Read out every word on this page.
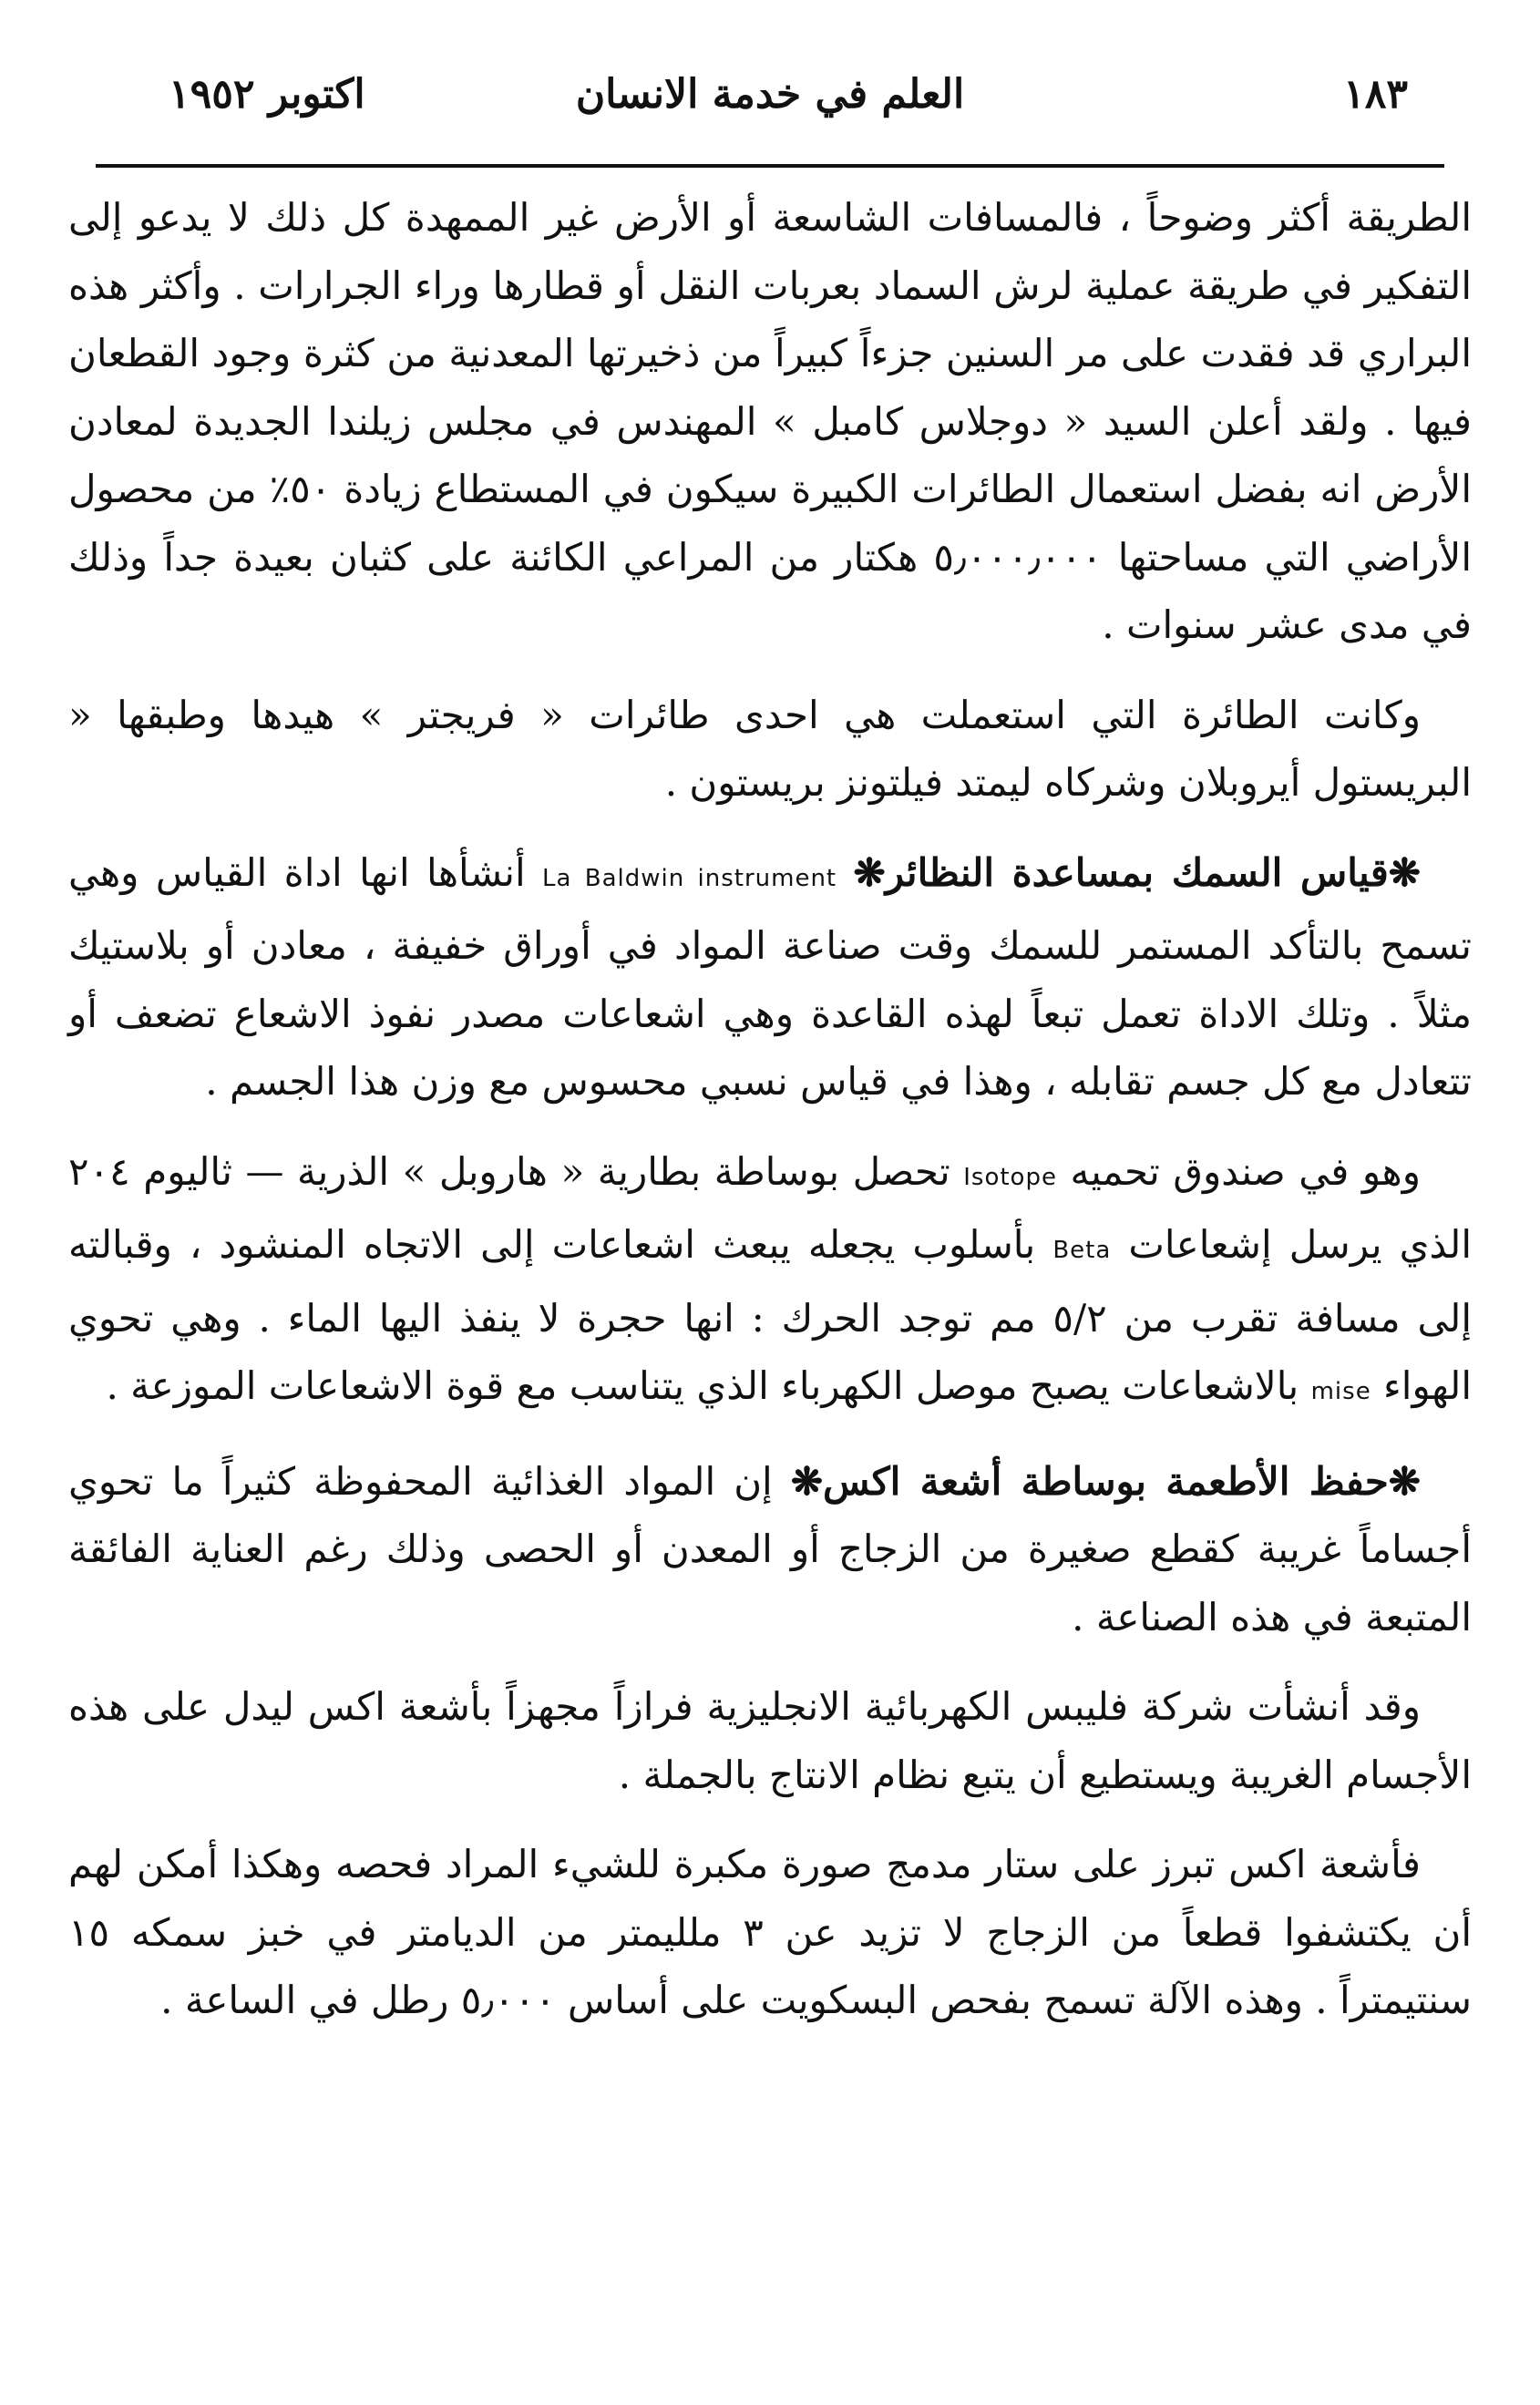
١٨٣
العلم في خدمة الانسان
اكتوبر ١٩٥٢

الطريقة أكثر وضوحاً ، فالمسافات الشاسعة أو الأرض غير الممهدة كل ذلك لا يدعو إلى التفكير في طريقة عملية لرش السماد بعربات النقل أو قطارها وراء الجرارات . وأكثر هذه البراري قد فقدت على مر السنين جزءاً كبيراً من ذخيرتها المعدنية من كثرة وجود القطعان فيها . ولقد أعلن السيد « دوجلاس كامبل » المهندس في مجلس زيلندا الجديدة لمعادن الأرض انه بفضل استعمال الطائرات الكبيرة سيكون في المستطاع زيادة ٥٠٪ من محصول الأراضي التي مساحتها ٥٫٠٠٠٫٠٠٠ هكتار من المراعي الكائنة على كثبان بعيدة جداً وذلك في مدى عشر سنوات .

وكانت الطائرة التي استعملت هي احدى طائرات « فريجتر » هيدها وطبقها « البريستول أيروبلان وشركاه ليمتد فيلتونز بريستون .

❋قياس السمك بمساعدة النظائر❋ La Baldwin instrument أنشأها انها اداة القياس وهي تسمح بالتأكد المستمر للسمك وقت صناعة المواد في أوراق خفيفة ، معادن أو بلاستيك مثلاً . وتلك الاداة تعمل تبعاً لهذه القاعدة وهي اشعاعات مصدر نفوذ الاشعاع تضعف أو تتعادل مع كل جسم تقابله ، وهذا في قياس نسبي محسوس مع وزن هذا الجسم .

وهو في صندوق تحميه Isotope تحصل بوساطة بطارية « هاروبل » الذرية — ثاليوم ٢٠٤ الذي يرسل إشعاعات Beta بأسلوب يجعله يبعث اشعاعات إلى الاتجاه المنشود ، وقبالته إلى مسافة تقرب من ٥/٢ مم توجد الحرك : انها حجرة لا ينفذ اليها الماء . وهي تحوي الهواء mise بالاشعاعات يصبح موصل الكهرباء الذي يتناسب مع قوة الاشعاعات الموزعة .

❋حفظ الأطعمة بوساطة أشعة اكس❋ إن المواد الغذائية المحفوظة كثيراً ما تحوي أجساماً غريبة كقطع صغيرة من الزجاج أو المعدن أو الحصى وذلك رغم العناية الفائقة المتبعة في هذه الصناعة .

وقد أنشأت شركة فليبس الكهربائية الانجليزية فرازاً مجهزاً بأشعة اكس ليدل على هذه الأجسام الغريبة ويستطيع أن يتبع نظام الانتاج بالجملة .

فأشعة اكس تبرز على ستار مدمج صورة مكبرة للشيء المراد فحصه وهكذا أمكن لهم أن يكتشفوا قطعاً من الزجاج لا تزيد عن ٣ ملليمتر من الديامتر في خبز سمكه ١٥ سنتيمتراً . وهذه الآلة تسمح بفحص البسكويت على أساس ٥٫٠٠٠ رطل في الساعة .
